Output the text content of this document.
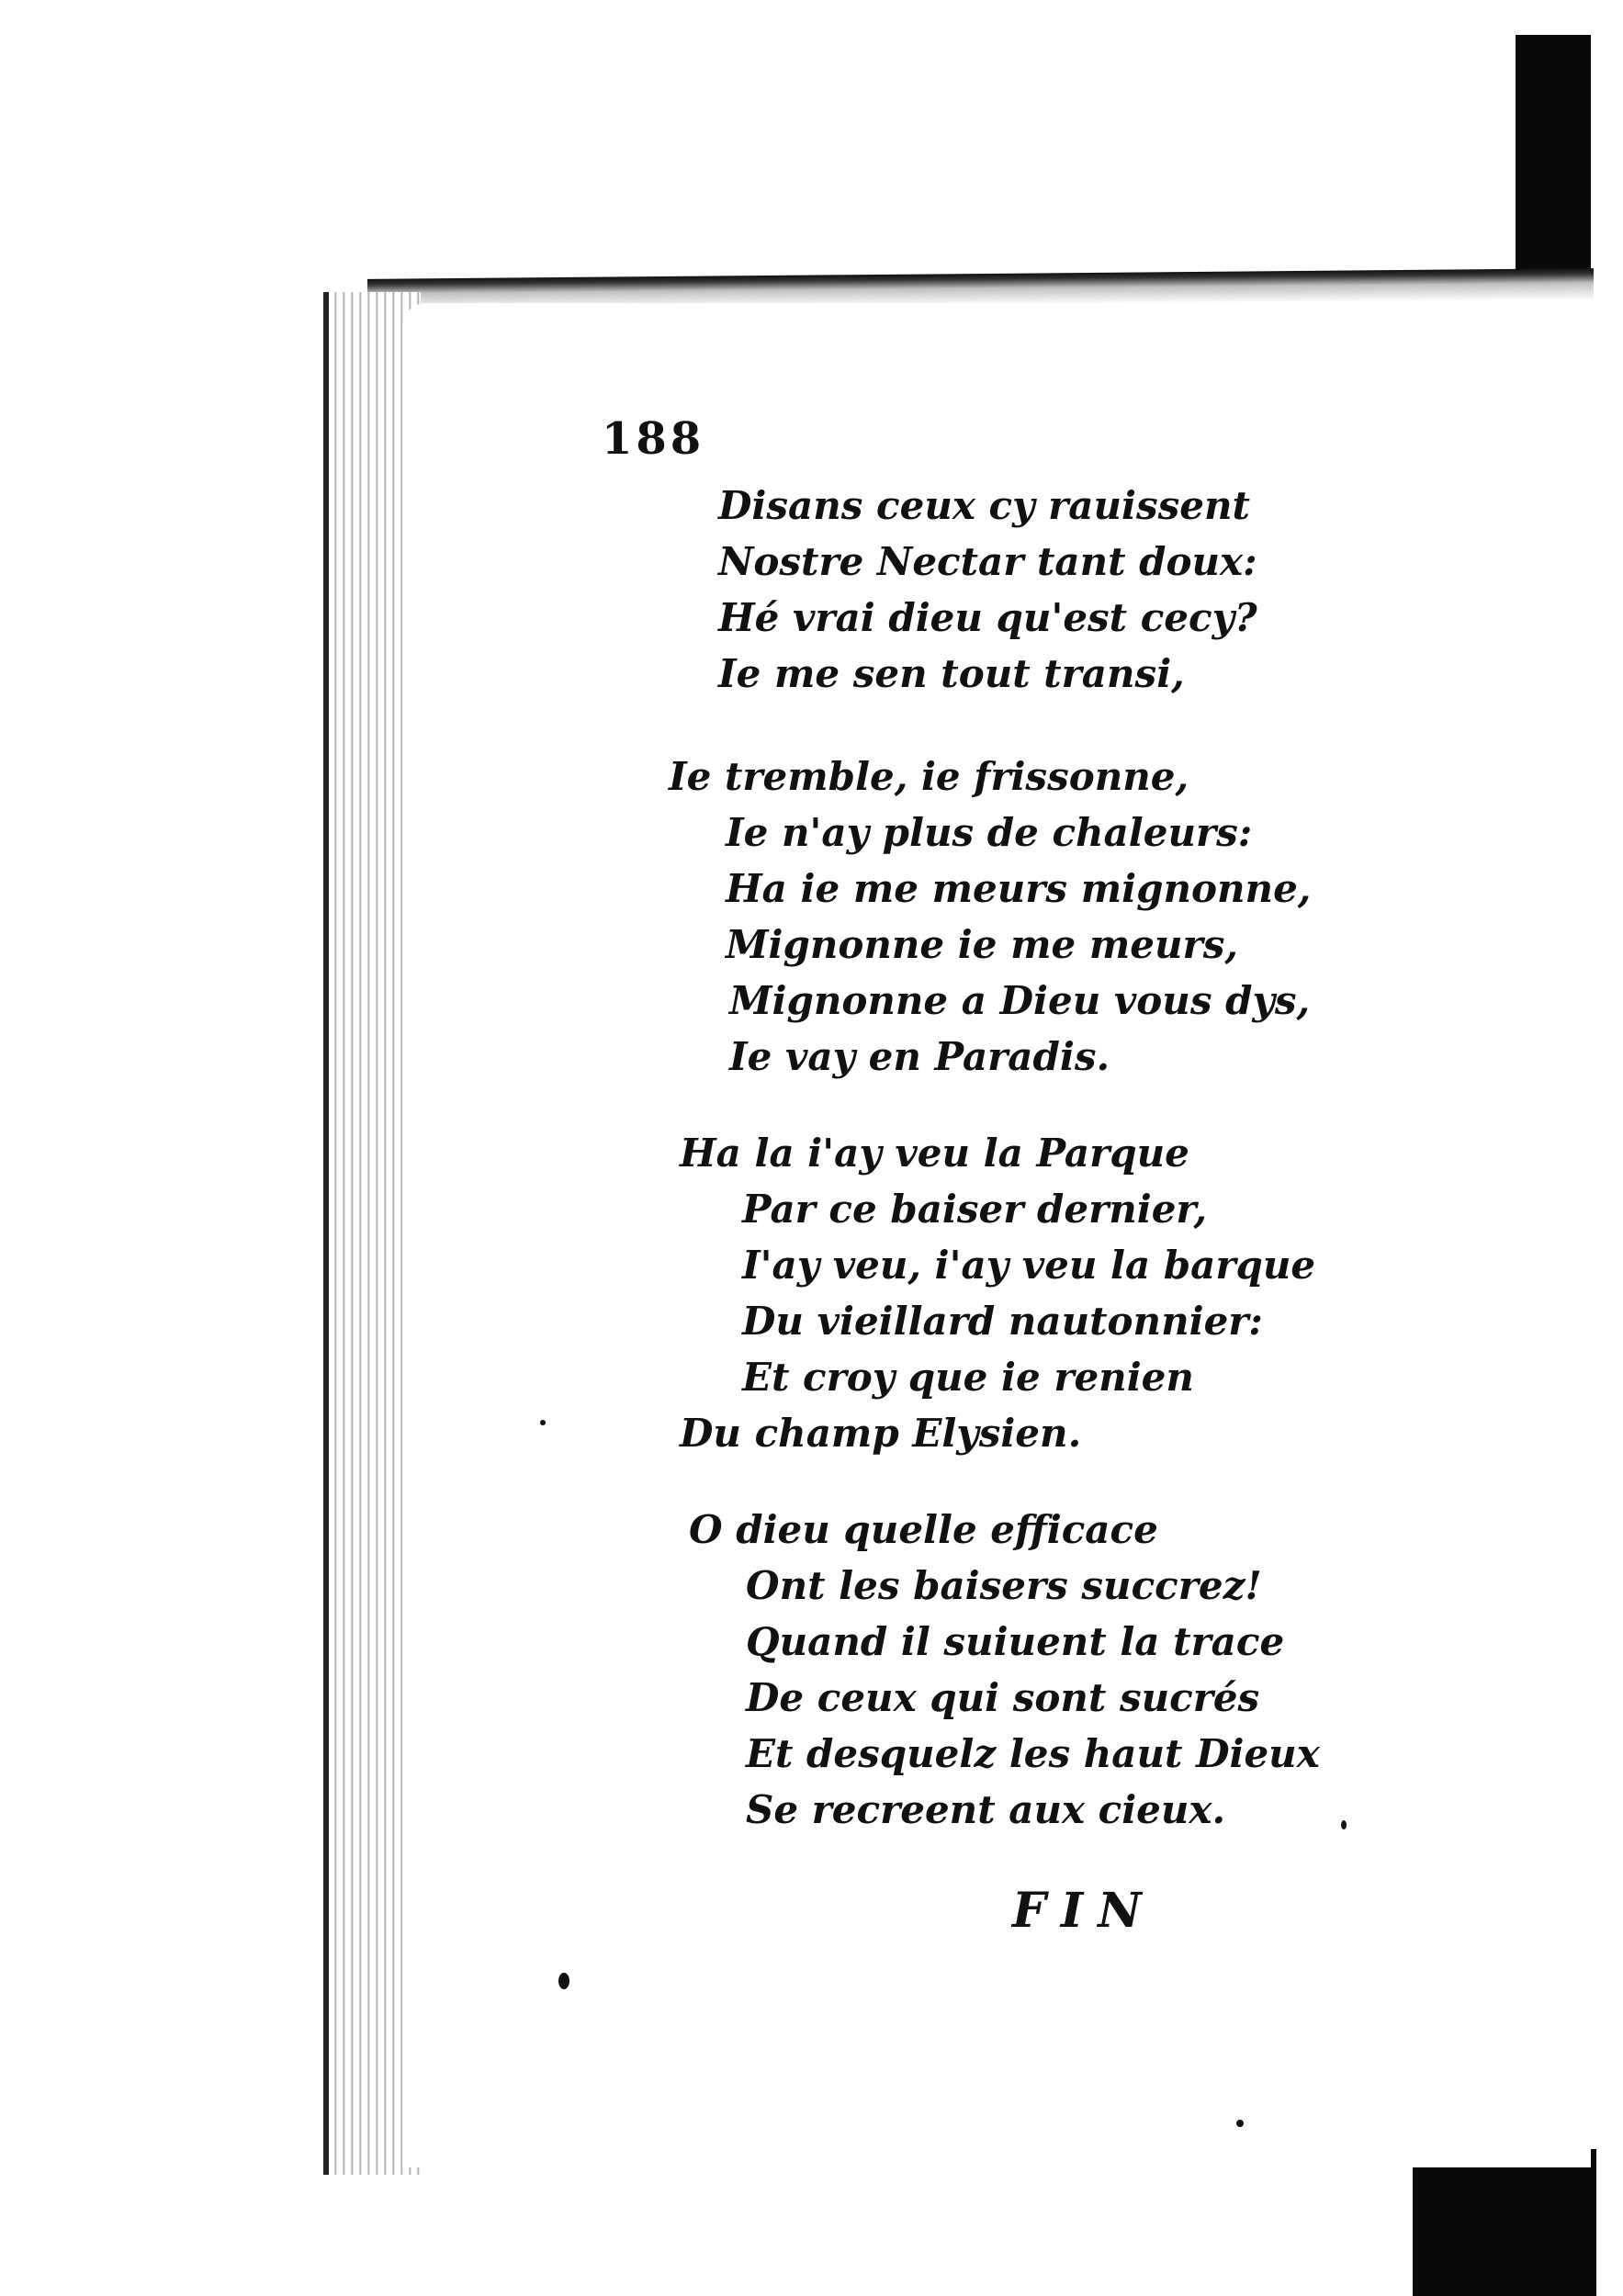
188
Disans ceux cy rauissent
Nostre Nectar tant doux:
Hé vrai dieu qu'est cecy?
Ie me sen tout transi,
Ie tremble, ie frissonne,
Ie n'ay plus de chaleurs:
Ha ie me meurs mignonne,
Mignonne ie me meurs,
Mignonne a Dieu vous dys,
Ie vay en Paradis.
Ha la i'ay veu la Parque
Par ce baiser dernier,
I'ay veu, i'ay veu la barque
Du vieillard nautonnier:
Et croy que ie renien
Du champ Elysien.
O dieu quelle efficace
Ont les baisers succrez!
Quand il suiuent la trace
De ceux qui sont sucrés
Et desquelz les haut Dieux
Se recreent aux cieux.
FIN
